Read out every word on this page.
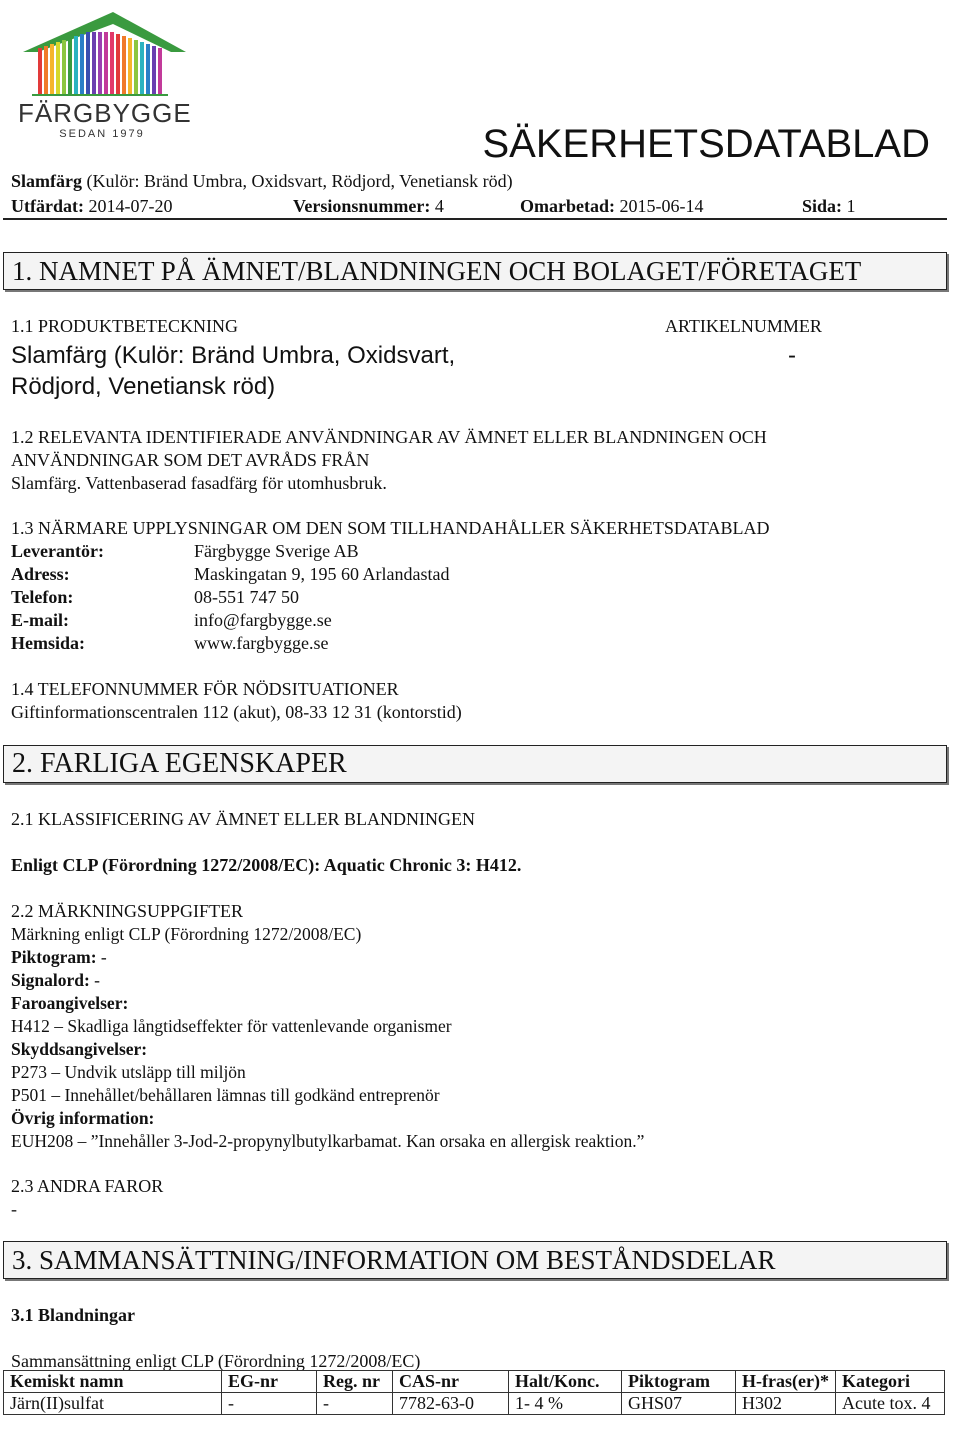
FÄRGBYGGE
SEDAN 1979	SÄKERHETSDATABLAD
Slamfärg (Kulör: Bränd Umbra, Oxidsvart, Rödjord, Venetiansk röd)
Utfärdat: 2014-07-20	Versionsnummer: 4	Omarbetad: 2015-06-14	Sida: 1
1. NAMNET PÅ ÄMNET/BLANDNINGEN OCH BOLAGET/FÖRETAGET
1.1 PRODUKTBETECKNING	ARTIKELNUMMER
Slamfärg (Kulör: Bränd Umbra, Oxidsvart,
Rödjord, Venetiansk röd)
-
1.2 RELEVANTA IDENTIFIERADE ANVÄNDNINGAR AV ÄMNET ELLER BLANDNINGEN OCH
ANVÄNDNINGAR SOM DET AVRÅDS FRÅN
Slamfärg. Vattenbaserad fasadfärg för utomhusbruk.
1.3 NÄRMARE UPPLYSNINGAR OM DEN SOM TILLHANDAHÅLLER SÄKERHETSDATABLAD
Leverantör:	Färgbygge Sverige AB
Adress:	Maskingatan 9, 195 60 Arlandastad
Telefon:	08-551 747 50
E-mail:	info@fargbygge.se
Hemsida:	www.fargbygge.se
1.4 TELEFONNUMMER FÖR NÖDSITUATIONER
Giftinformationscentralen 112 (akut), 08-33 12 31 (kontorstid)
2. FARLIGA EGENSKAPER
2.1 KLASSIFICERING AV ÄMNET ELLER BLANDNINGEN
Enligt CLP (Förordning 1272/2008/EC): Aquatic Chronic 3: H412.
2.2 MÄRKNINGSUPPGIFTER
Märkning enligt CLP (Förordning 1272/2008/EC)
Piktogram: -
Signalord: -
Faroangivelser:
H412 – Skadliga långtidseffekter för vattenlevande organismer
Skyddsangivelser:
P273 – Undvik utsläpp till miljön
P501 – Innehållet/behållaren lämnas till godkänd entreprenör
Övrig information:
EUH208 – ”Innehåller 3-Jod-2-propynylbutylkarbamat. Kan orsaka en allergisk reaktion.”
2.3 ANDRA FAROR
-
3. SAMMANSÄTTNING/INFORMATION OM BESTÅNDSDELAR
3.1 Blandningar
Sammansättning enligt CLP (Förordning 1272/2008/EC)
Kemiskt namn	EG-nr	Reg. nr	CAS-nr	Halt/Konc.	Piktogram	H-fras(er)*	Kategori
Järn(II)sulfat	-	-	7782-63-0	1- 4 %	GHS07	H302	Acute tox. 4
